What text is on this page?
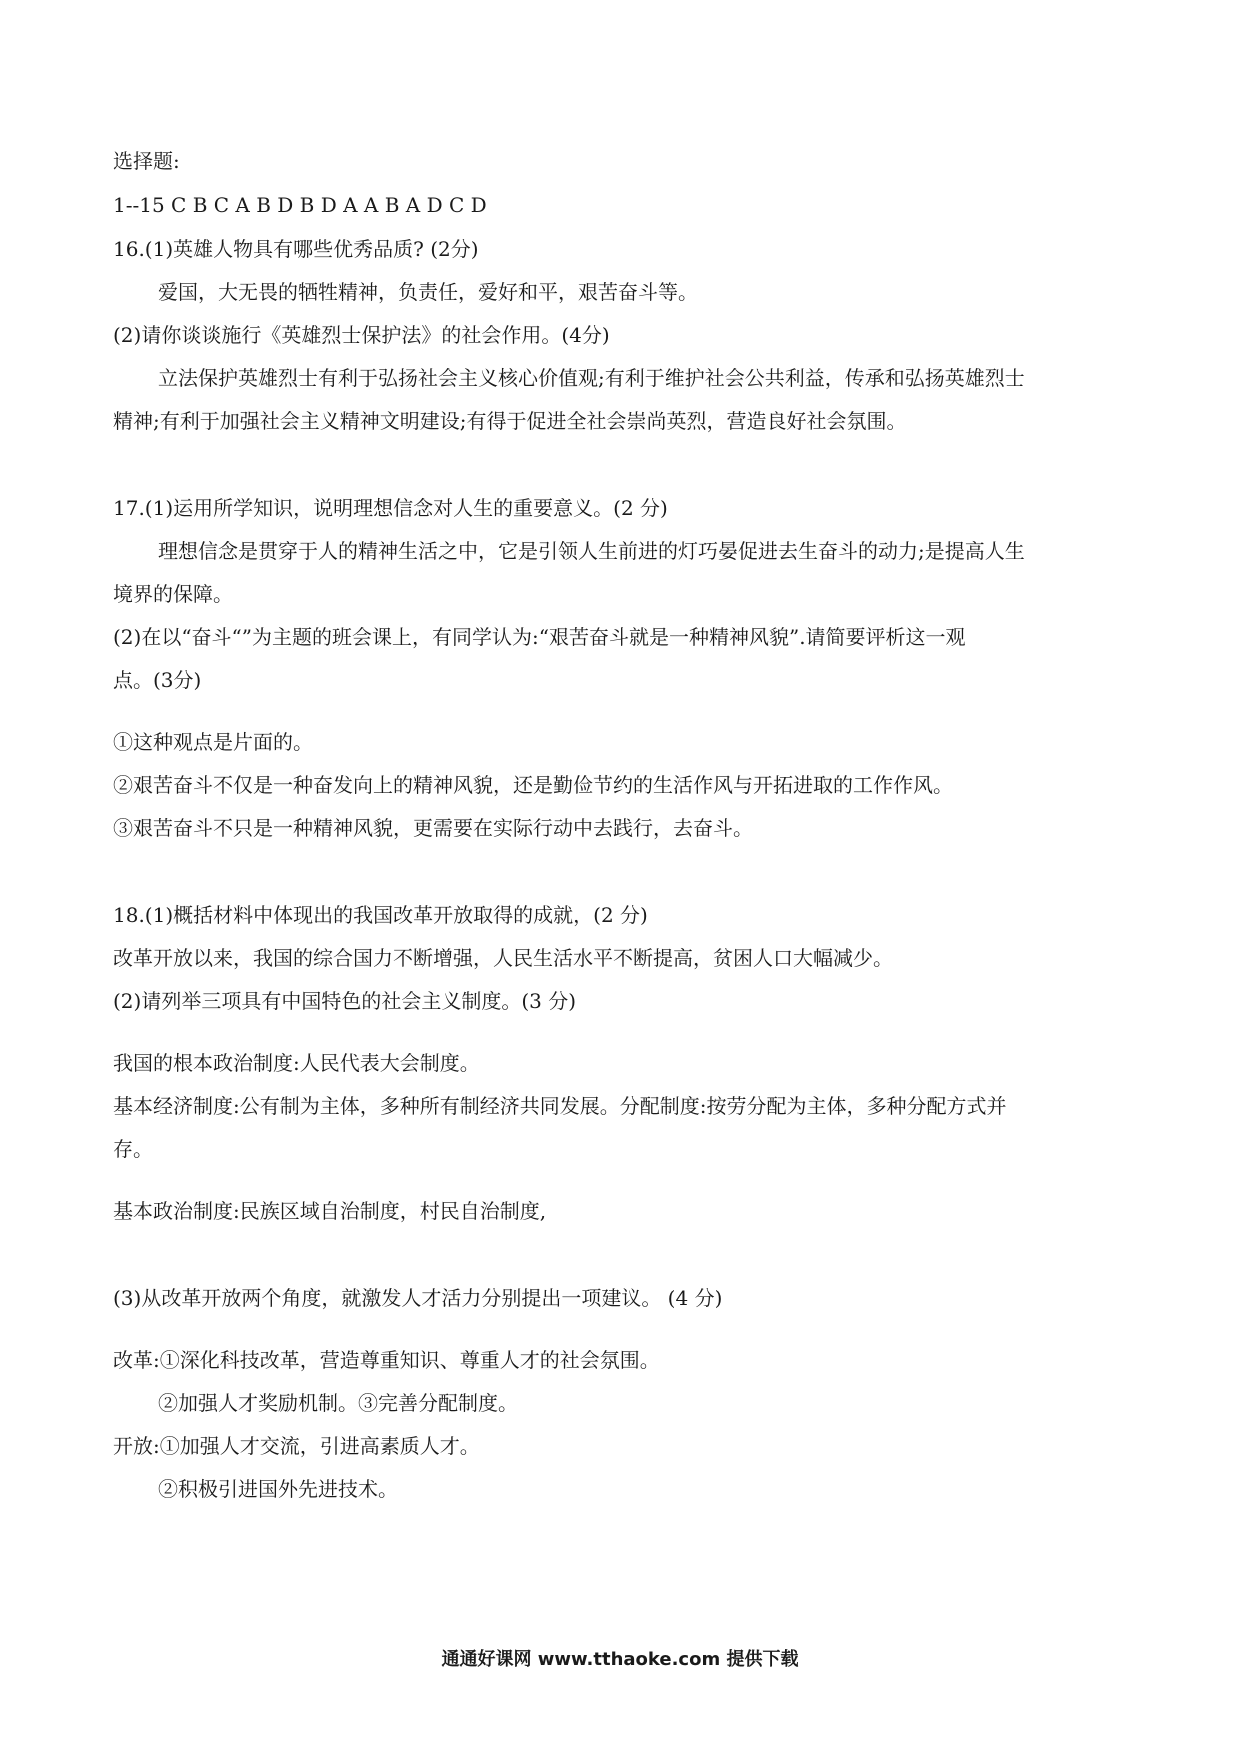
选择题:
1--15 C B C A B D B D A A B A D C D
16.(1)英雄人物具有哪些优秀品质? (2分)
爱国，大无畏的牺牲精神，负责任，爱好和平，艰苦奋斗等。
(2)请你谈谈施行《英雄烈士保护法》的社会作用。(4分)
立法保护英雄烈士有利于弘扬社会主义核心价值观;有利于维护社会公共利益，传承和弘扬英雄烈士
精神;有利于加强社会主义精神文明建设;有得于促进全社会崇尚英烈，营造良好社会氛围。
17.(1)运用所学知识，说明理想信念对人生的重要意义。(2 分)
理想信念是贯穿于人的精神生活之中，它是引领人生前进的灯巧晏促进去生奋斗的动力;是提高人生
境界的保障。
(2)在以“奋斗“”为主题的班会课上，有同学认为:“艰苦奋斗就是一种精神风貌”.请简要评析这一观
点。(3分)
①这种观点是片面的。
②艰苦奋斗不仅是一种奋发向上的精神风貌，还是勤俭节约的生活作风与开拓进取的工作作风。
③艰苦奋斗不只是一种精神风貌，更需要在实际行动中去践行，去奋斗。
18.(1)概括材料中体现出的我国改革开放取得的成就，(2 分)
改革开放以来，我国的综合国力不断增强，人民生活水平不断提高，贫困人口大幅减少。
(2)请列举三项具有中国特色的社会主义制度。(3 分)
我国的根本政治制度:人民代表大会制度。
基本经济制度:公有制为主体，多种所有制经济共同发展。分配制度:按劳分配为主体，多种分配方式并
存。
基本政治制度:民族区域自治制度，村民自治制度,
(3)从改革开放两个角度，就激发人才活力分别提出一项建议。 (4 分)
改革:①深化科技改革，营造尊重知识、尊重人才的社会氛围。
②加强人才奖励机制。③完善分配制度。
开放:①加强人才交流，引进高素质人才。
②积极引进国外先进技术。
通通好课网 www.tthaoke.com 提供下载
